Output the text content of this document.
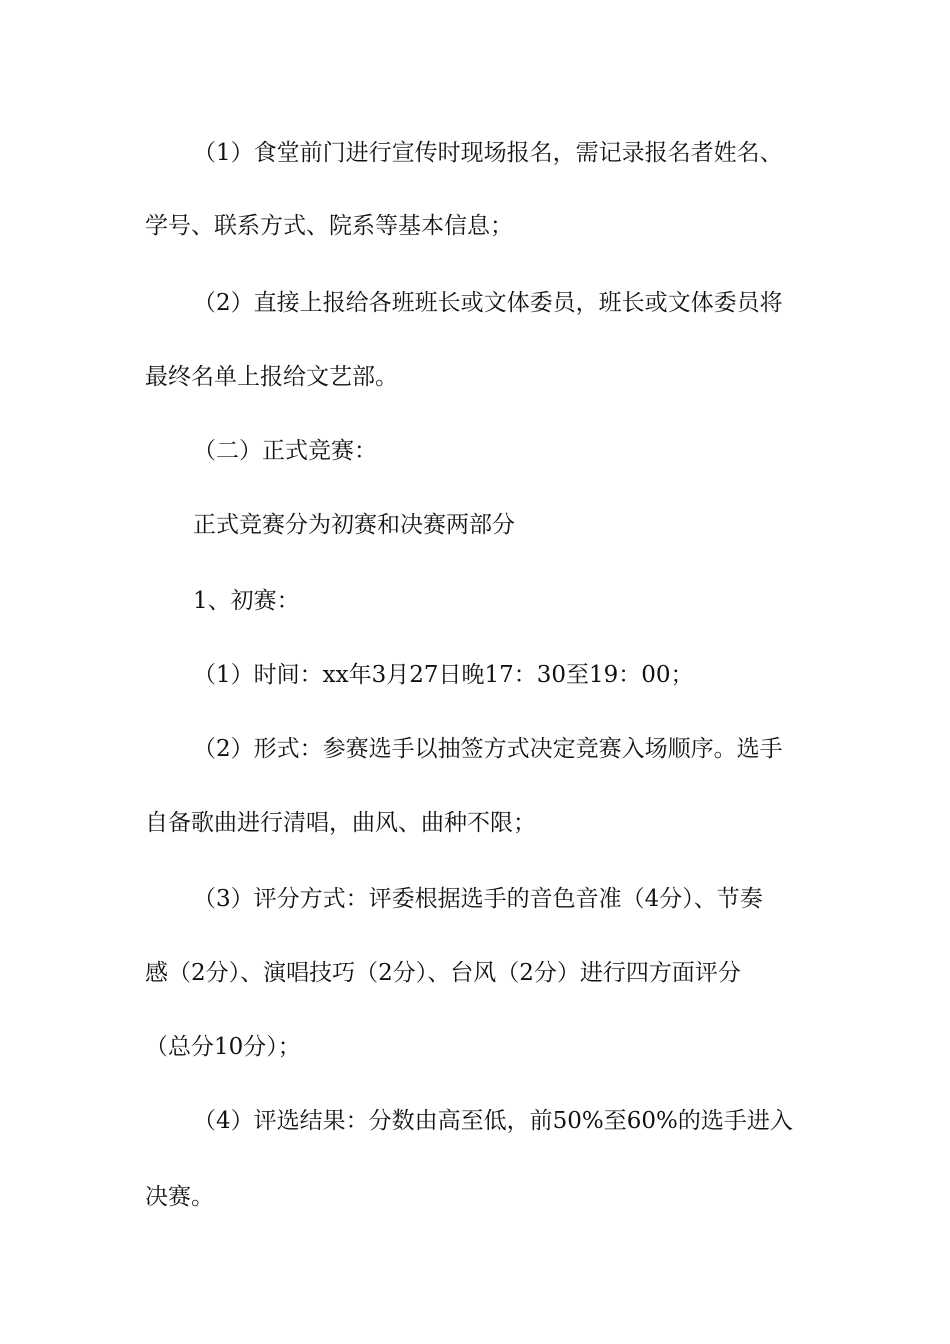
（1）食堂前门进行宣传时现场报名，需记录报名者姓名、
学号、联系方式、院系等基本信息；
（2）直接上报给各班班长或文体委员，班长或文体委员将
最终名单上报给文艺部。
（二）正式竞赛：
正式竞赛分为初赛和决赛两部分
1、初赛：
（1）时间：xx年3月27日晚17：30至19：00；
（2）形式：参赛选手以抽签方式决定竞赛入场顺序。选手
自备歌曲进行清唱，曲风、曲种不限；
（3）评分方式：评委根据选手的音色音准（4分）、节奏
感（2分）、演唱技巧（2分）、台风（2分）进行四方面评分
（总分10分）；
（4）评选结果：分数由高至低，前50%至60%的选手进入
决赛。
